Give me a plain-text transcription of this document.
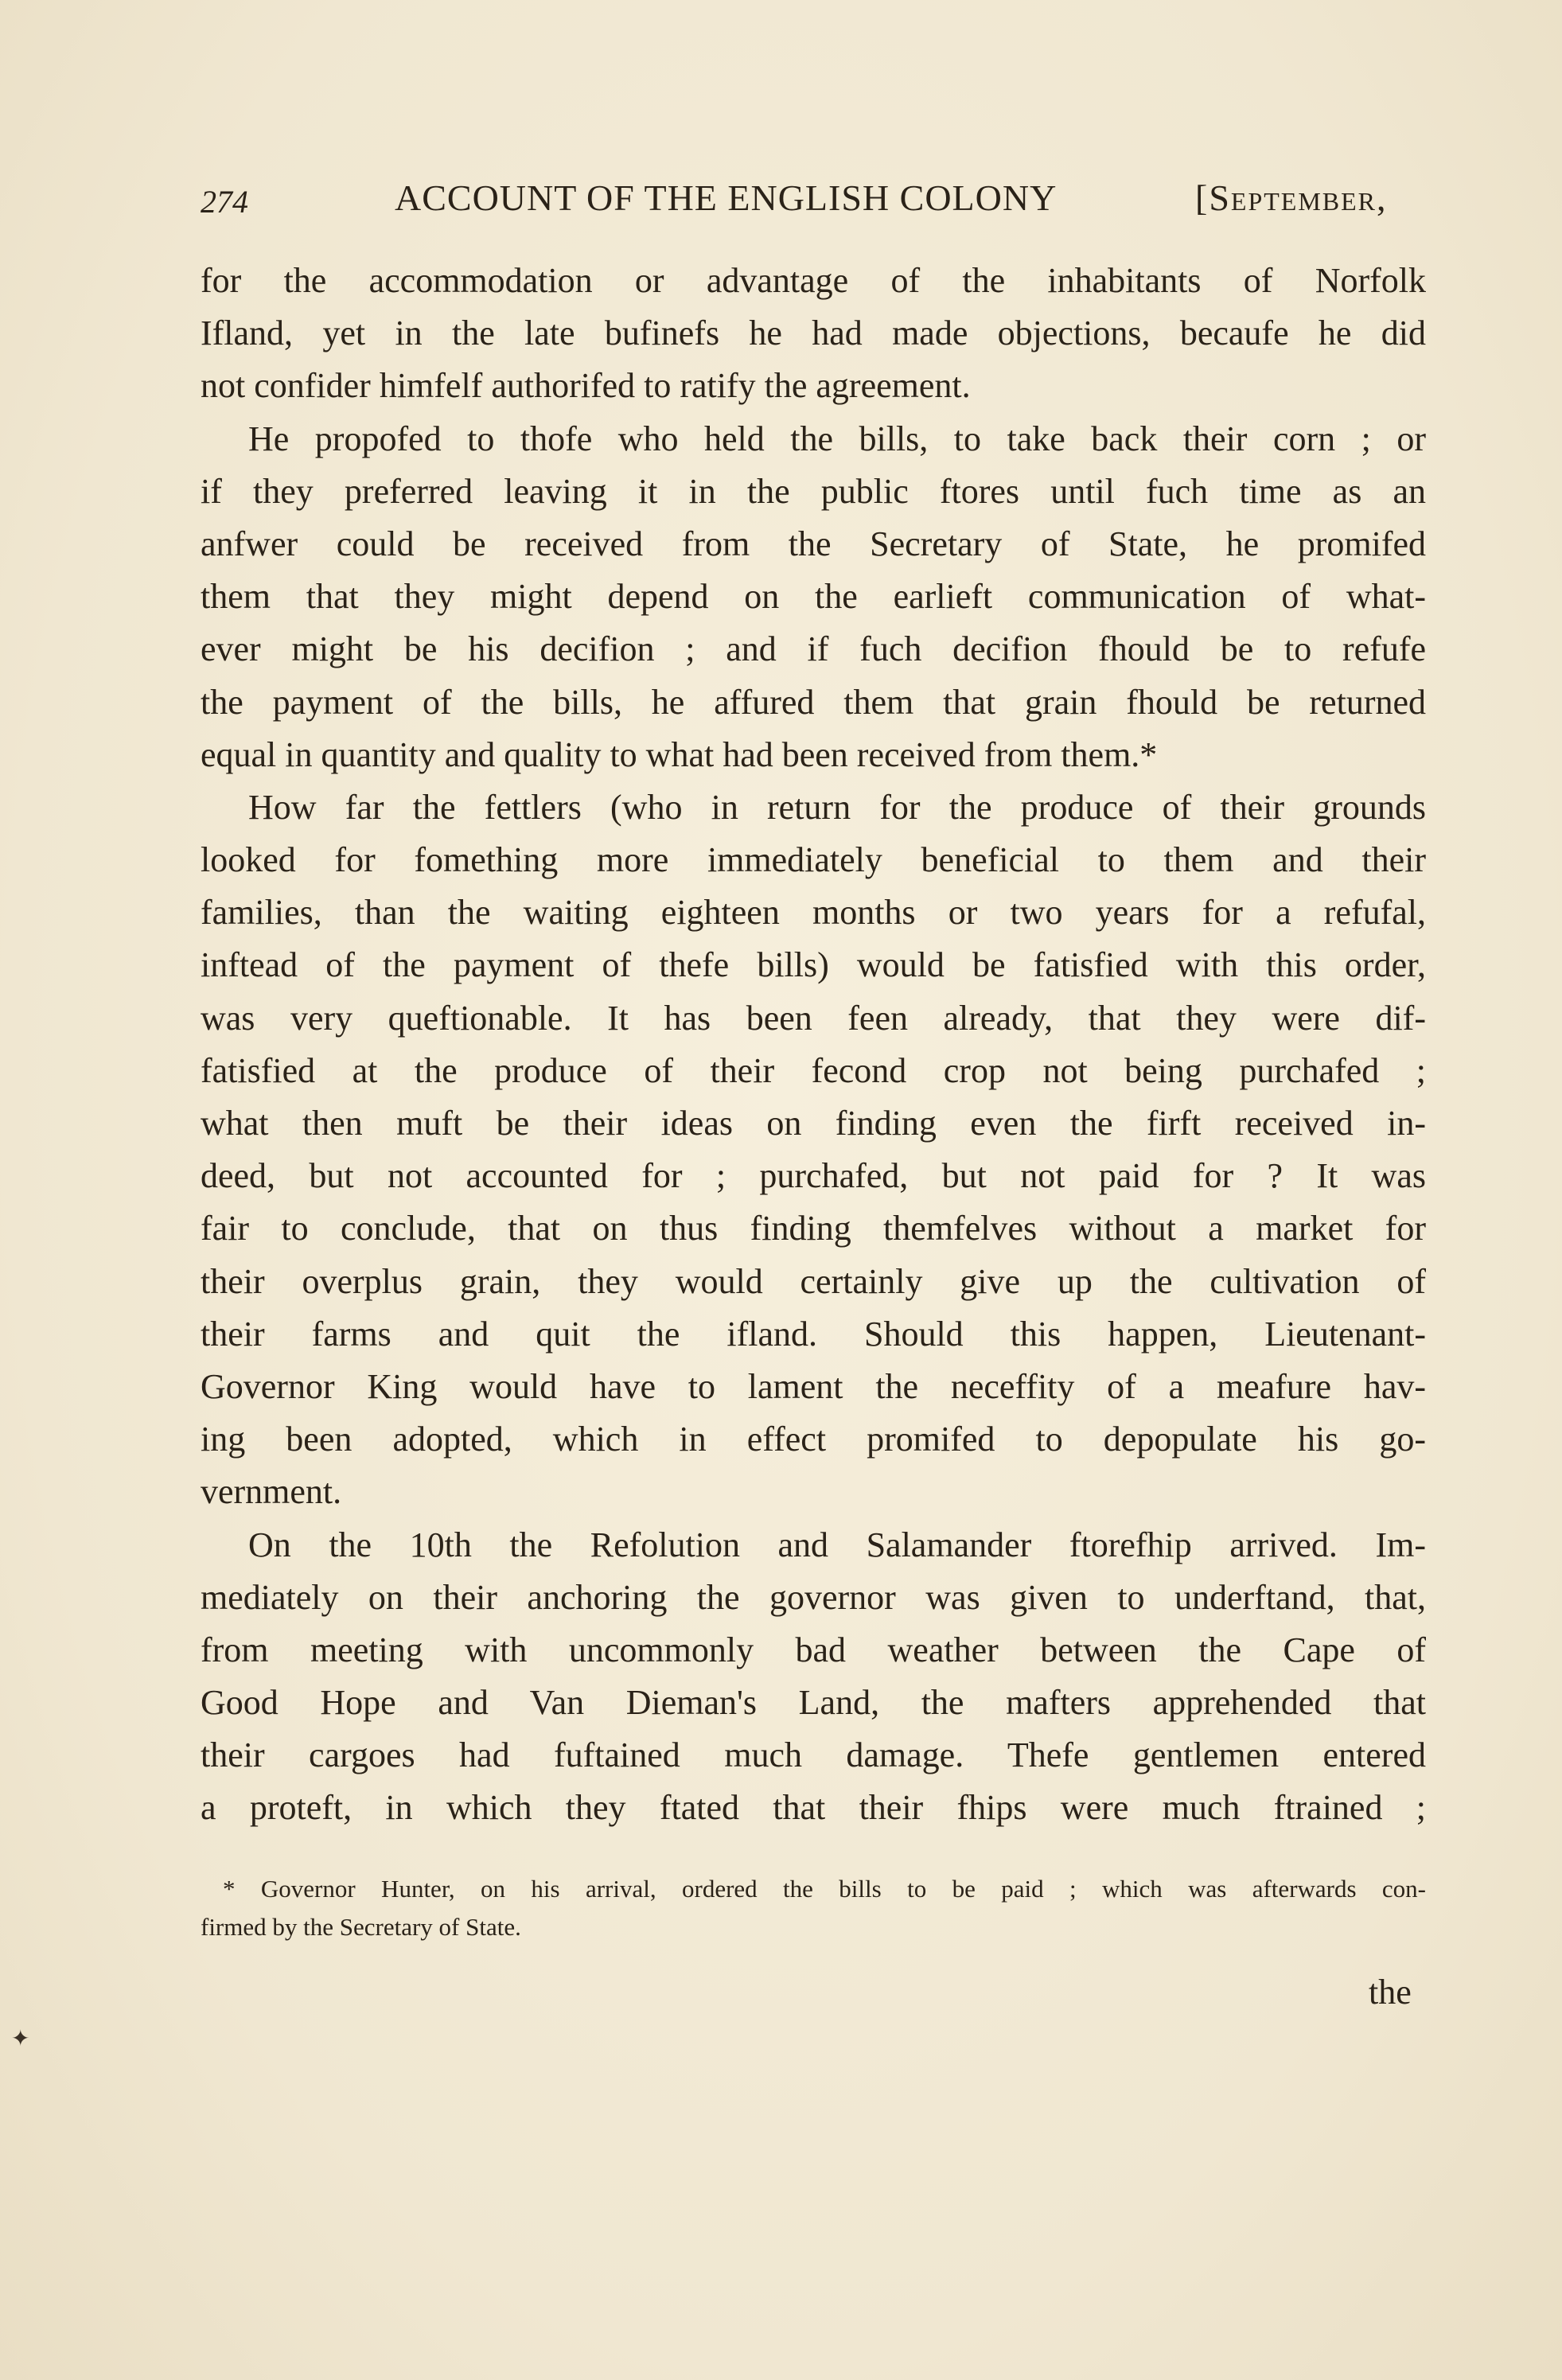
274	ACCOUNT OF THE ENGLISH COLONY	[September,
for the accommodation or advantage of the inhabitants of Norfolk
Ifland, yet in the late bufinefs he had made objections, becaufe he did
not confider himfelf authorifed to ratify the agreement.
He propofed to thofe who held the bills, to take back their corn ; or
if they preferred leaving it in the public ftores until fuch time as an
anfwer could be received from the Secretary of State, he promifed
them that they might depend on the earlieft communication of what-
ever might be his decifion ; and if fuch decifion fhould be to refufe
the payment of the bills, he affured them that grain fhould be returned
equal in quantity and quality to what had been received from them.*
How far the fettlers (who in return for the produce of their grounds
looked for fomething more immediately beneficial to them and their
families, than the waiting eighteen months or two years for a refufal,
inftead of the payment of thefe bills) would be fatisfied with this order,
was very queftionable. It has been feen already, that they were dif-
fatisfied at the produce of their fecond crop not being purchafed ;
what then muft be their ideas on finding even the firft received in-
deed, but not accounted for ; purchafed, but not paid for ? It was
fair to conclude, that on thus finding themfelves without a market for
their overplus grain, they would certainly give up the cultivation of
their farms and quit the ifland. Should this happen, Lieutenant-
Governor King would have to lament the neceffity of a meafure hav-
ing been adopted, which in effect promifed to depopulate his go-
vernment.
On the 10th the Refolution and Salamander ftorefhip arrived. Im-
mediately on their anchoring the governor was given to underftand, that,
from meeting with uncommonly bad weather between the Cape of
Good Hope and Van Dieman's Land, the mafters apprehended that
their cargoes had fuftained much damage. Thefe gentlemen entered
a proteft, in which they ftated that their fhips were much ftrained ;
* Governor Hunter, on his arrival, ordered the bills to be paid ; which was afterwards con-
firmed by the Secretary of State.
the
✦
